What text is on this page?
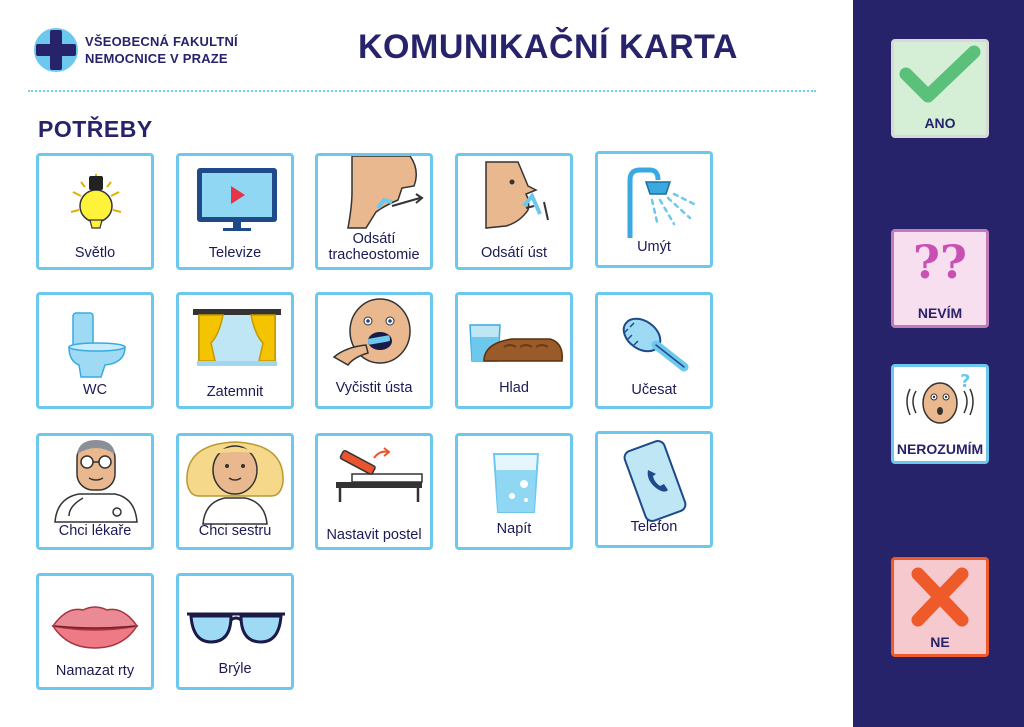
VŠEOBECNÁ FAKULTNÍ
NEMOCNICE V PRAZE	KOMUNIKAČNÍ KARTA
POTŘEBY
Světlo	Televize
Odsátí tracheostomie	Odsátí úst	Umýt
WC	Zatemnit	Vyčistit ústa	Hlad	Učesat
Chci lékaře	Chci sestru	Nastavit postel	Napít	Telefon
Namazat rty	Brýle
ANO
??
NEVÍM
?
NEROZUMÍM
NE
